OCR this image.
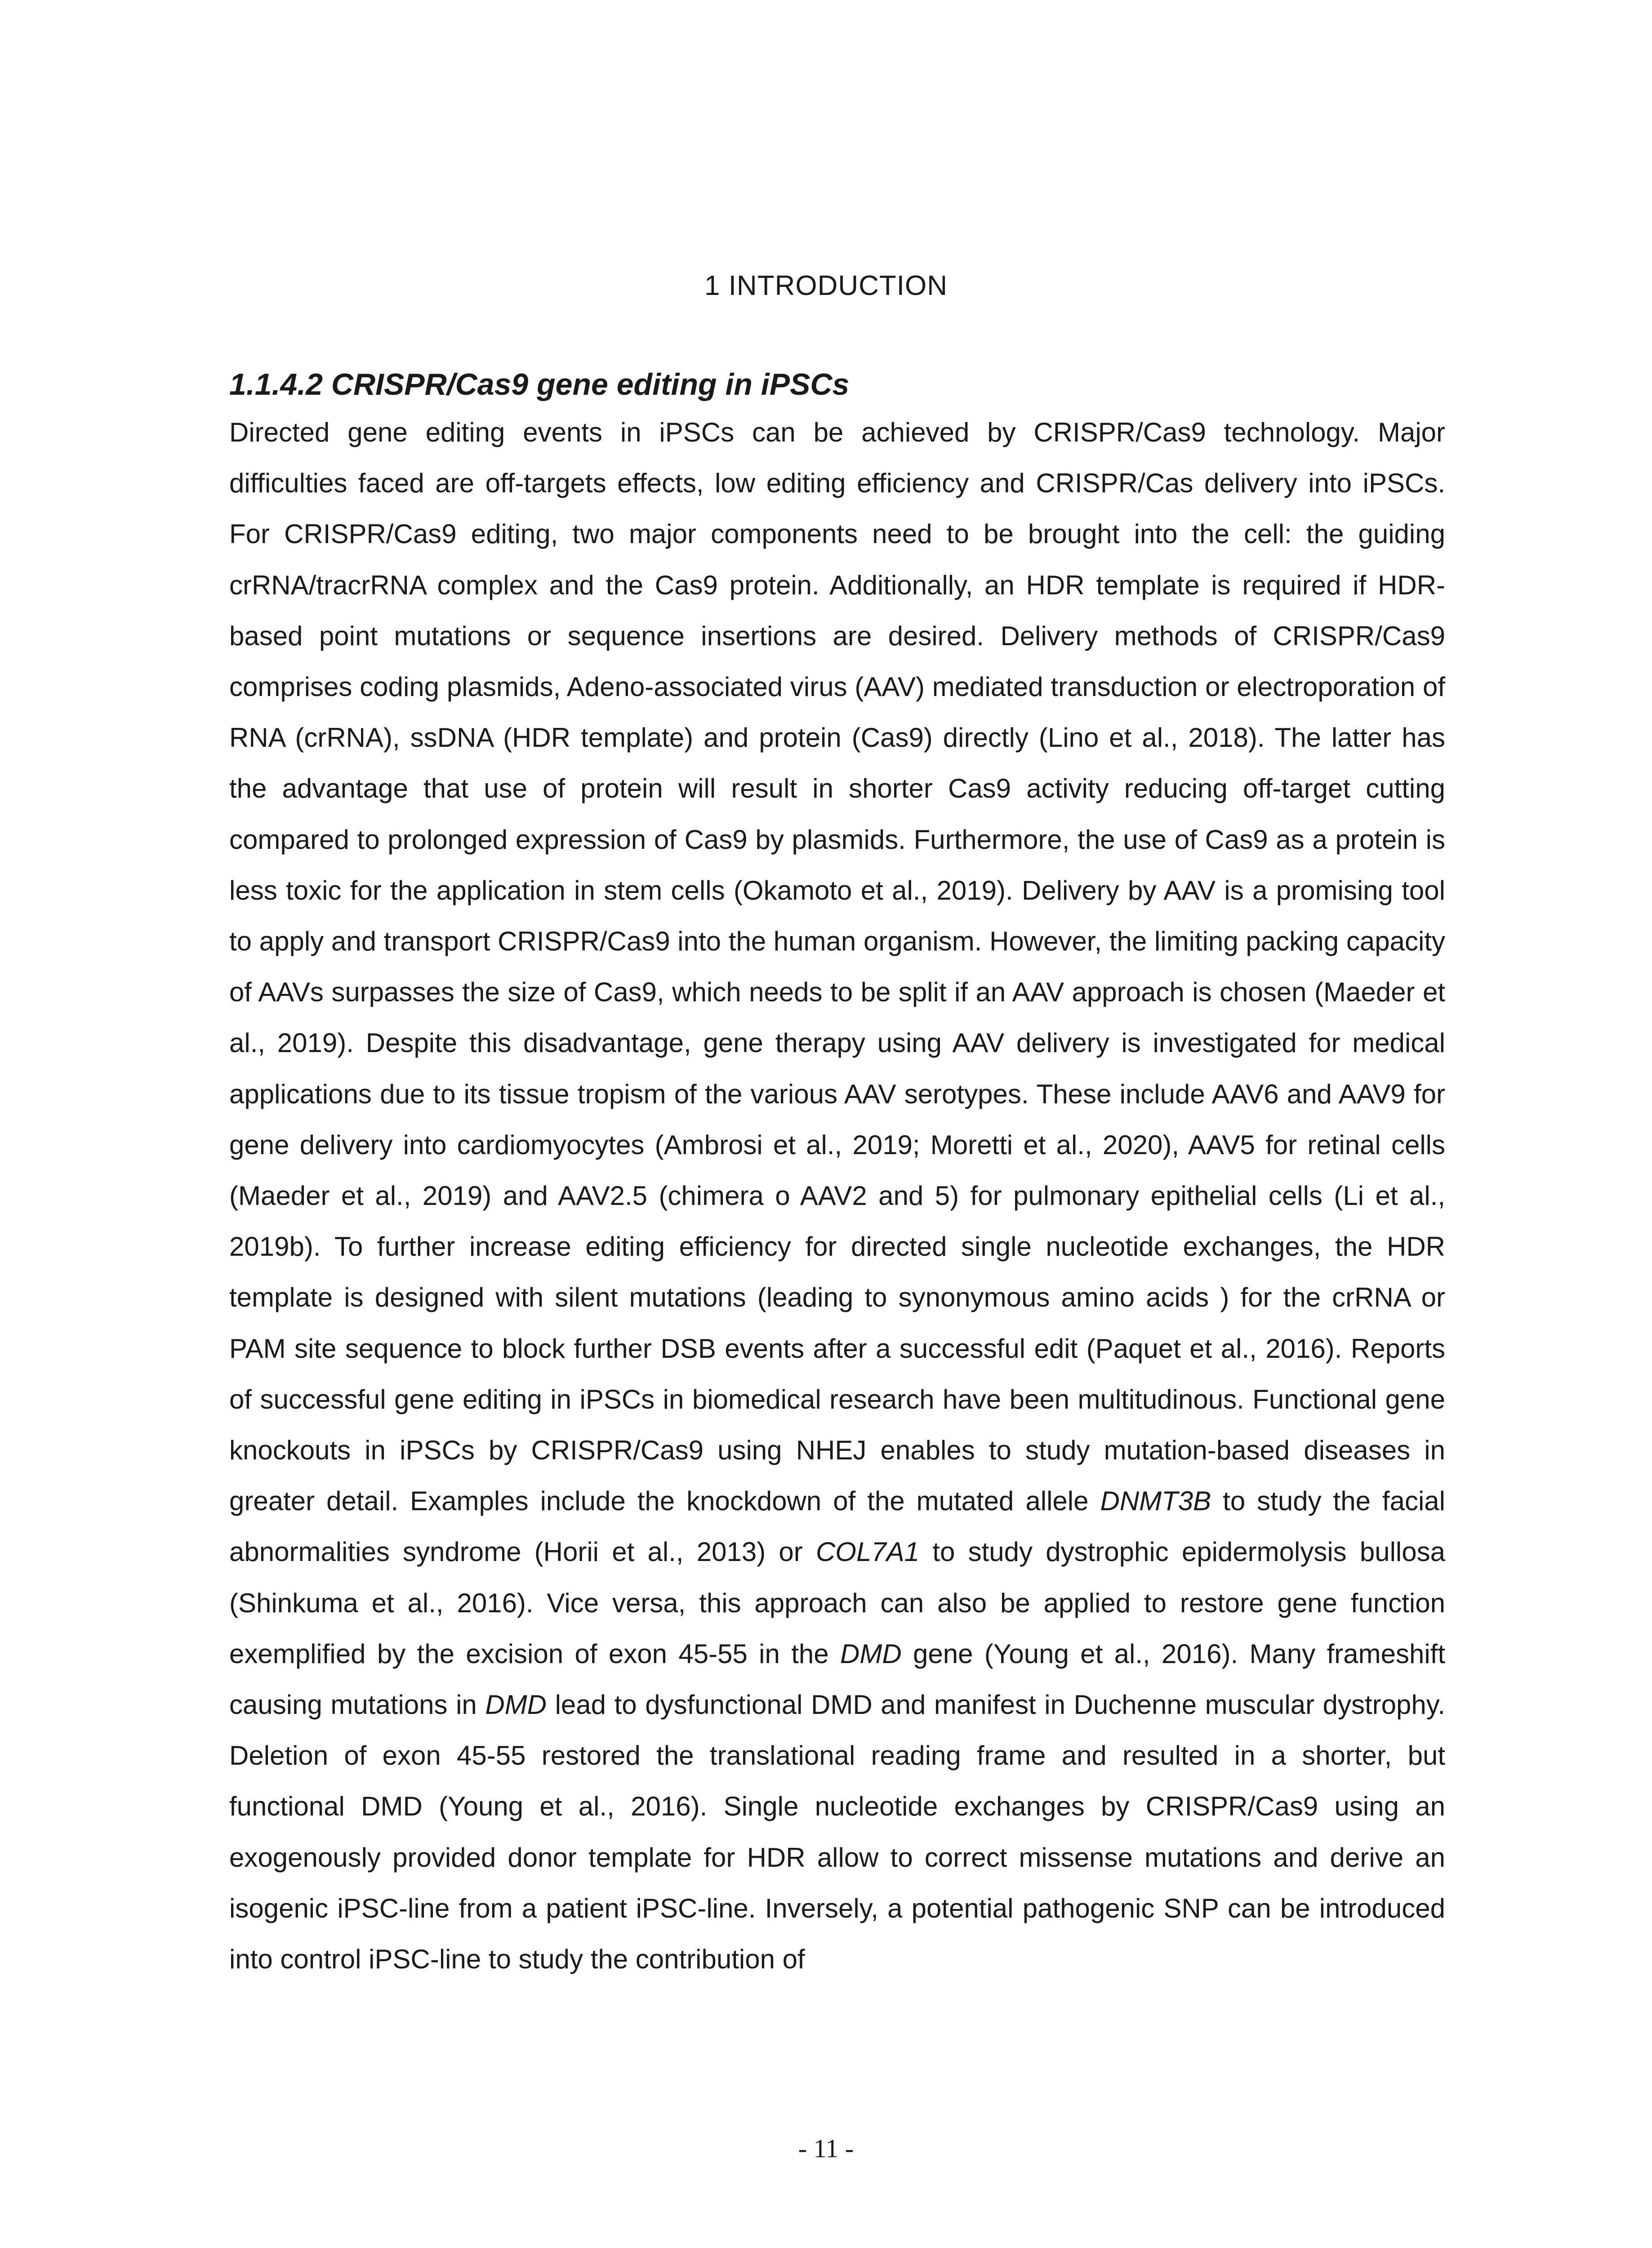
1 INTRODUCTION
1.1.4.2 CRISPR/Cas9 gene editing in iPSCs

Directed gene editing events in iPSCs can be achieved by CRISPR/Cas9 technology. Major difficulties faced are off-targets effects, low editing efficiency and CRISPR/Cas delivery into iPSCs. For CRISPR/Cas9 editing, two major components need to be brought into the cell: the guiding crRNA/tracrRNA complex and the Cas9 protein. Additionally, an HDR template is required if HDR-based point mutations or sequence insertions are desired. Delivery methods of CRISPR/Cas9 comprises coding plasmids, Adeno-associated virus (AAV) mediated transduction or electroporation of RNA (crRNA), ssDNA (HDR template) and protein (Cas9) directly (Lino et al., 2018). The latter has the advantage that use of protein will result in shorter Cas9 activity reducing off-target cutting compared to prolonged expression of Cas9 by plasmids. Furthermore, the use of Cas9 as a protein is less toxic for the application in stem cells (Okamoto et al., 2019). Delivery by AAV is a promising tool to apply and transport CRISPR/Cas9 into the human organism. However, the limiting packing capacity of AAVs surpasses the size of Cas9, which needs to be split if an AAV approach is chosen (Maeder et al., 2019). Despite this disadvantage, gene therapy using AAV delivery is investigated for medical applications due to its tissue tropism of the various AAV serotypes. These include AAV6 and AAV9 for gene delivery into cardiomyocytes (Ambrosi et al., 2019; Moretti et al., 2020), AAV5 for retinal cells (Maeder et al., 2019) and AAV2.5 (chimera o AAV2 and 5) for pulmonary epithelial cells (Li et al., 2019b). To further increase editing efficiency for directed single nucleotide exchanges, the HDR template is designed with silent mutations (leading to synonymous amino acids ) for the crRNA or PAM site sequence to block further DSB events after a successful edit (Paquet et al., 2016). Reports of successful gene editing in iPSCs in biomedical research have been multitudinous. Functional gene knockouts in iPSCs by CRISPR/Cas9 using NHEJ enables to study mutation-based diseases in greater detail. Examples include the knockdown of the mutated allele DNMT3B to study the facial abnormalities syndrome (Horii et al., 2013) or COL7A1 to study dystrophic epidermolysis bullosa (Shinkuma et al., 2016). Vice versa, this approach can also be applied to restore gene function exemplified by the excision of exon 45-55 in the DMD gene (Young et al., 2016). Many frameshift causing mutations in DMD lead to dysfunctional DMD and manifest in Duchenne muscular dystrophy. Deletion of exon 45-55 restored the translational reading frame and resulted in a shorter, but functional DMD (Young et al., 2016). Single nucleotide exchanges by CRISPR/Cas9 using an exogenously provided donor template for HDR allow to correct missense mutations and derive an isogenic iPSC-line from a patient iPSC-line. Inversely, a potential pathogenic SNP can be introduced into control iPSC-line to study the contribution of

- 11 -
